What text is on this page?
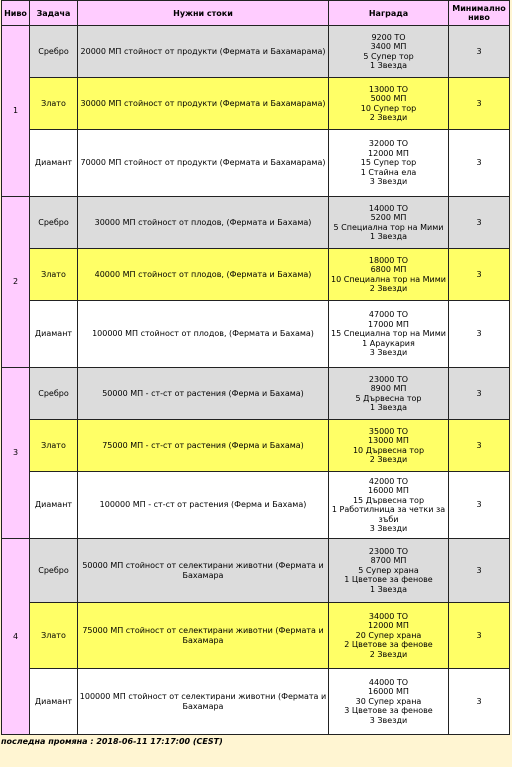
Ниво	Задача	Нужни стоки	Награда	Минимално ниво
1	Сребро	20000 МП стойност от продукти (Фермата и Бахамарама)	9200 ТО
3400 МП
5 Супер тор
1 Звезда	3
	Злато	30000 МП стойност от продукти (Фермата и Бахамарама)	13000 ТО
5000 МП
10 Супер тор
2 Звезди	3
	Диамант	70000 МП стойност от продукти (Фермата и Бахамарама)	32000 ТО
12000 МП
15 Супер тор
1 Стайна ела
3 Звезди	3
2	Сребро	30000 МП стойност от плодов, (Фермата и Бахама)	14000 ТО
5200 МП
5 Специална тор на Мими
1 Звезда	3
	Злато	40000 МП стойност от плодов, (Фермата и Бахама)	18000 ТО
6800 МП
10 Специална тор на Мими
2 Звезди	3
	Диамант	100000 МП стойност от плодов, (Фермата и Бахама)	47000 ТО
17000 МП
15 Специална тор на Мими
1 Араукария
3 Звезди	3
3	Сребро	50000 МП - ст-ст от растения (Ферма и Бахама)	23000 ТО
8900 МП
5 Дървесна тор
1 Звезда	3
	Злато	75000 МП - ст-ст от растения (Ферма и Бахама)	35000 ТО
13000 МП
10 Дървесна тор
2 Звезди	3
	Диамант	100000 МП - ст-ст от растения (Ферма и Бахама)	42000 ТО
16000 МП
15 Дървесна тор
1 Работилница за четки за зъби
3 Звезди	3
4	Сребро	50000 МП стойност от селектирани животни (Фермата и Бахамара	23000 ТО
8700 МП
5 Супер храна
1 Цветове за фенове
1 Звезда	3
	Злато	75000 МП стойност от селектирани животни (Фермата и Бахамара	34000 ТО
12000 МП
20 Супер храна
2 Цветове за фенове
2 Звезди	3
	Диамант	100000 МП стойност от селектирани животни (Фермата и Бахамара	44000 ТО
16000 МП
30 Супер храна
3 Цветове за фенове
3 Звезди	3
последна промяна : 2018-06-11 17:17:00 (CEST)
